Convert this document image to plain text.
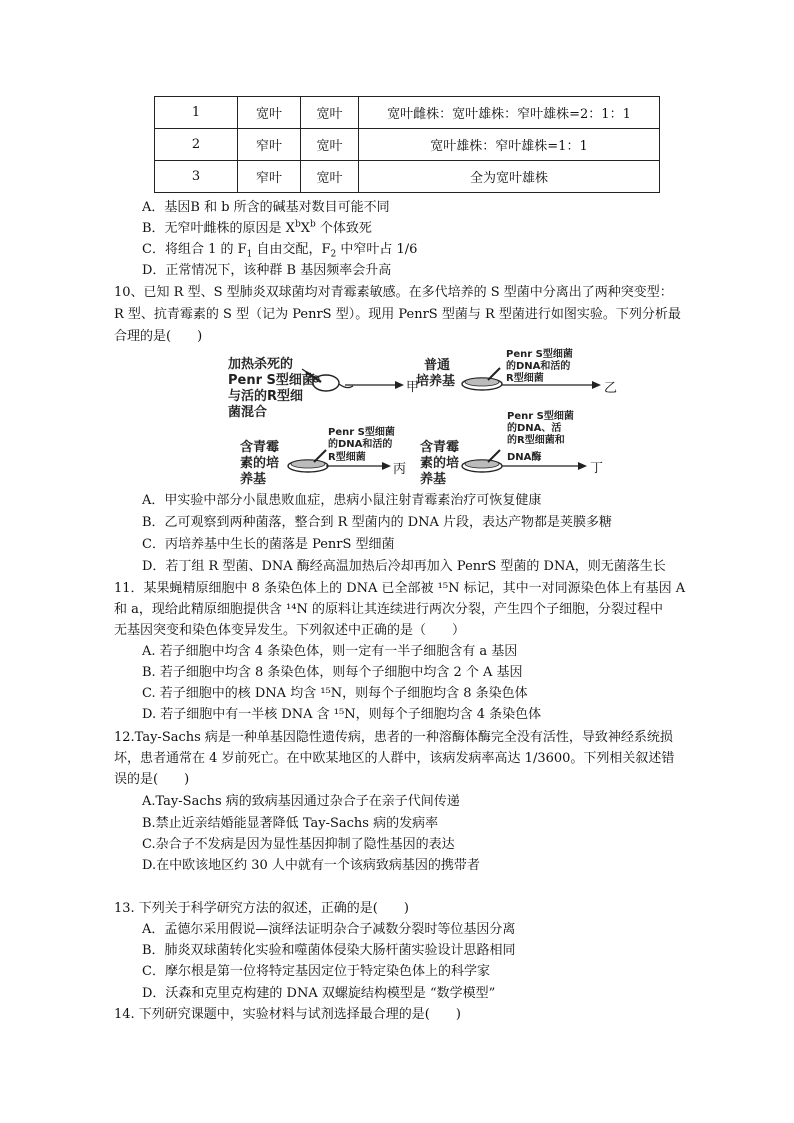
1	宽叶	宽叶	宽叶雌株：宽叶雄株：窄叶雄株=2：1：1
2	窄叶	宽叶	宽叶雄株：窄叶雄株=1：1
3	窄叶	宽叶	全为宽叶雄株
A．基因B 和 b 所含的碱基对数目可能不同
B．无窄叶雌株的原因是 $X^bX^b$ 个体致死
C．将组合 1 的 $F_1$ 自由交配，$F_2$ 中窄叶占 1/6
D．正常情况下，该种群 B 基因频率会升高
10、已知 R 型、S 型肺炎双球菌均对青霉素敏感。在多代培养的 S 型菌中分离出了两种突变型：
R 型、抗青霉素的 S 型（记为 PenrS 型）。现用 PenrS 型菌与 R 型菌进行如图实验。下列分析最
合理的是(　　)
加热杀死的
Penr S型细菌
与活的R型细
菌混合
甲
普通
培养基
Penr S型细菌
的DNA和活的
R型细菌
乙
含青霉
素的培
养基
Penr S型细菌
的DNA和活的
R型细菌
丙
含青霉
素的培
养基
Penr S型细菌
的DNA、活
的R型细菌和
DNA酶
丁
A．甲实验中部分小鼠患败血症，患病小鼠注射青霉素治疗可恢复健康
B．乙可观察到两种菌落，整合到 R 型菌内的 DNA 片段，表达产物都是荚膜多糖
C．丙培养基中生长的菌落是 PenrS 型细菌
D．若丁组 R 型菌、DNA 酶经高温加热后冷却再加入 PenrS 型菌的 DNA，则无菌落生长
11．某果蝇精原细胞中 8 条染色体上的 DNA 已全部被 ¹⁵N 标记，其中一对同源染色体上有基因 A
和 a，现给此精原细胞提供含 ¹⁴N 的原料让其连续进行两次分裂，产生四个子细胞，分裂过程中
无基因突变和染色体变异发生。下列叙述中正确的是（　　）
A. 若子细胞中均含 4 条染色体，则一定有一半子细胞含有 a 基因
B. 若子细胞中均含 8 条染色体，则每个子细胞中均含 2 个 A 基因
C. 若子细胞中的核 DNA 均含 ¹⁵N，则每个子细胞均含 8 条染色体
D. 若子细胞中有一半核 DNA 含 ¹⁵N，则每个子细胞均含 4 条染色体
12.Tay-Sachs 病是一种单基因隐性遗传病，患者的一种溶酶体酶完全没有活性，导致神经系统损
坏，患者通常在 4 岁前死亡。在中欧某地区的人群中，该病发病率高达 1/3600。下列相关叙述错
误的是(　　)
A.Tay-Sachs 病的致病基因通过杂合子在亲子代间传递
B.禁止近亲结婚能显著降低 Tay-Sachs 病的发病率
C.杂合子不发病是因为显性基因抑制了隐性基因的表达
D.在中欧该地区约 30 人中就有一个该病致病基因的携带者
13. 下列关于科学研究方法的叙述，正确的是(　　)
A．孟德尔采用假说—演绎法证明杂合子减数分裂时等位基因分离
B．肺炎双球菌转化实验和噬菌体侵染大肠杆菌实验设计思路相同
C．摩尔根是第一位将特定基因定位于特定染色体上的科学家
D．沃森和克里克构建的 DNA 双螺旋结构模型是 “数学模型”
14. 下列研究课题中，实验材料与试剂选择最合理的是(　　)
